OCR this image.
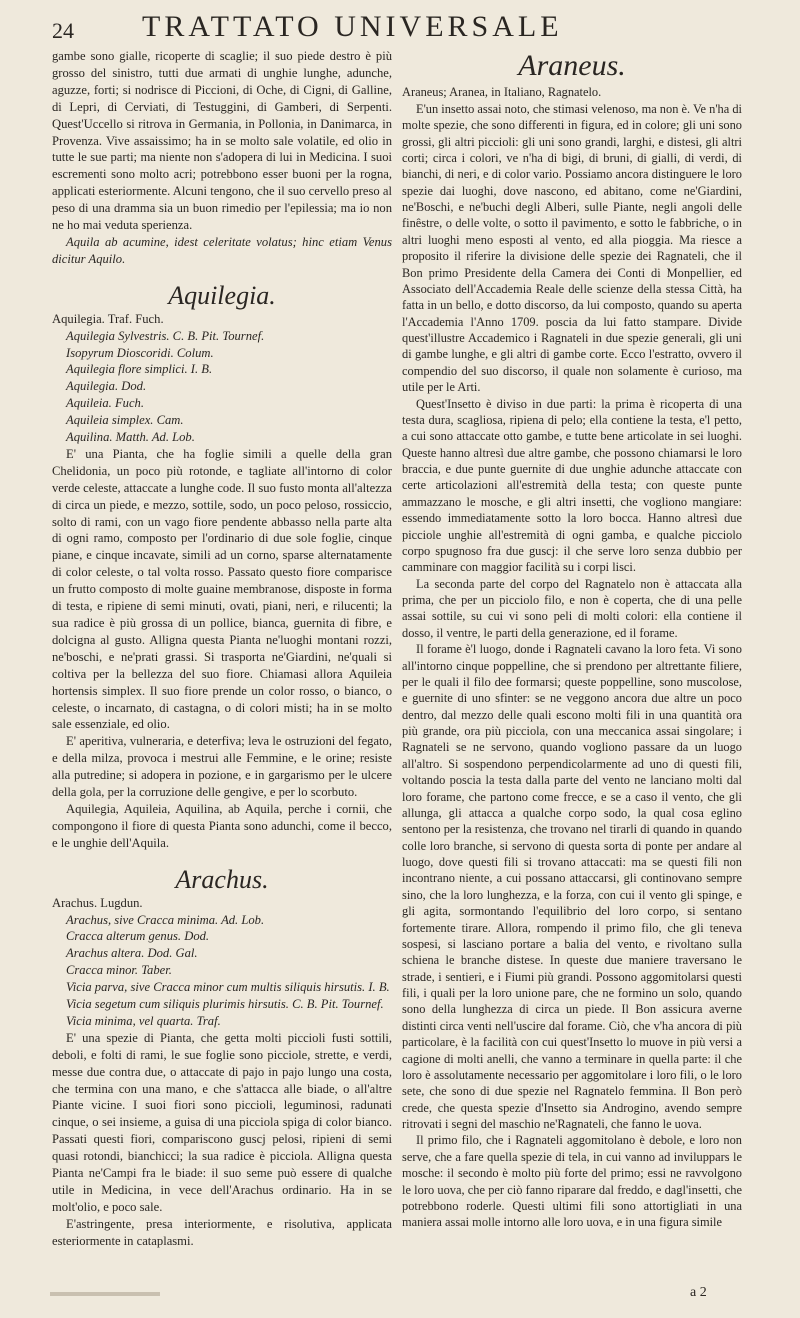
24 TRATTATO UNIVERSALE

gambe sono gialle, ricoperte di scaglie; il suo piede destro è più grosso del sinistro, tutti due armati di unghie lunghe, adunche, aguzze, forti; si nodrisce di Piccioni, di Oche, di Cigni, di Galline, di Lepri, di Cerviati, di Testuggini, di Gamberi, di Serpenti. Quest'Uccello si ritrova in Germania, in Pollonia, in Danimarca, in Provenza. Vive assaissimo; ha in se molto sale volatile, ed olio in tutte le sue parti; ma niente non s'adopera di lui in Medicina. I suoi escrementi sono molto acri; potrebbono esser buoni per la rogna, applicati esteriormente. Alcuni tengono, che il suo cervello preso al peso di una dramma sia un buon rimedio per l'epilessia; ma io non ne ho mai veduta sperienza.

Aquila ab acumine, idest celeritate volatus; hinc etiam Venus dicitur Aquilo.

Aquilegia.

Aquilegia. Traf. Fuch.

Aquilegia Sylvestris. C. B. Pit. Tournef.

Isopyrum Dioscoridi. Colum.

Aquilegia flore simplici. I. B.

Aquilegia. Dod.

Aquileia. Fuch.

Aquileia simplex. Cam.

Aquilina. Matth. Ad. Lob.

E' una Pianta, che ha foglie simili a quelle della gran Chelidonia, un poco più rotonde, e tagliate all'intorno di color verde celeste, attaccate a lunghe code. Il suo fusto monta all'altezza di circa un piede, e mezzo, sottile, sodo, un poco peloso, rossiccio, solto di rami, con un vago fiore pendente abbasso nella parte alta di ogni ramo, composto per l'ordinario di due sole foglie, cinque piane, e cinque incavate, simili ad un corno, sparse alternatamente di color celeste, o tal volta rosso. Passato questo fiore comparisce un frutto composto di molte guaine membranose, disposte in forma di testa, e ripiene di semi minuti, ovati, piani, neri, e rilucenti; la sua radice è più grossa di un pollice, bianca, guernita di fibre, e dolcigna al gusto. Alligna questa Pianta ne'luoghi montani rozzi, ne'boschi, e ne'prati grassi. Si trasporta ne'Giardini, ne'quali si coltiva per la bellezza del suo fiore. Chiamasi allora Aquileia hortensis simplex. Il suo fiore prende un color rosso, o bianco, o celeste, o incarnato, di castagna, o di colori misti; ha in se molto sale essenziale, ed olio.

E' aperitiva, vulneraria, e deterfiva; leva le ostruzioni del fegato, e della milza, provoca i mestrui alle Femmine, e le orine; resiste alla putredine; si adopera in pozione, e in gargarismo per le ulcere della gola, per la corruzione delle gengive, e per lo scorbuto.

Aquilegia, Aquileia, Aquilina, ab Aquila, perche i cornii, che compongono il fiore di questa Pianta sono adunchi, come il becco, e le unghie dell'Aquila.

Arachus.

Arachus. Lugdun.

Arachus, sive Cracca minima. Ad. Lob.

Cracca alterum genus. Dod.

Arachus altera. Dod. Gal.

Cracca minor. Taber.

Vicia parva, sive Cracca minor cum multis siliquis hirsutis. I. B.

Vicia segetum cum siliquis plurimis hirsutis. C. B. Pit. Tournef.

Vicia minima, vel quarta. Traf.

E' una spezie di Pianta, che getta molti piccioli fusti sottili, deboli, e folti di rami, le sue foglie sono picciole, strette, e verdi, messe due contra due, o attaccate di pajo in pajo lungo una costa, che termina con una mano, e che s'attacca alle biade, o all'altre Piante vicine. I suoi fiori sono piccioli, leguminosi, radunati cinque, o sei insieme, a guisa di una picciola spiga di color bianco. Passati questi fiori, compariscono guscj pelosi, ripieni di semi quasi rotondi, bianchicci; la sua radice è picciola. Alligna questa Pianta ne'Campi fra le biade: il suo seme può essere di qualche utile in Medicina, in vece dell'Arachus ordinario. Ha in se molt'olio, e poco sale.

E'astringente, presa interiormente, e risolutiva, applicata esteriormente in cataplasmi.

Araneus.

Araneus; Aranea, in Italiano, Ragnatelo.

E'un insetto assai noto, che stimasi velenoso, ma non è. Ve n'ha di molte spezie, che sono differenti in figura, ed in colore; gli uni sono grossi, gli altri piccioli: gli uni sono grandi, larghi, e distesi, gli altri corti; circa i colori, ve n'ha di bigi, di bruni, di gialli, di verdi, di bianchi, di neri, e di color vario. Possiamo ancora distinguere le loro spezie dai luoghi, dove nascono, ed abitano, come ne'Giardini, ne'Boschi, e ne'buchi degli Alberi, sulle Piante, negli angoli delle finêstre, o delle volte, o sotto il pavimento, e sotto le fabbriche, o in altri luoghi meno esposti al vento, ed alla pioggia. Ma riesce a proposito il riferire la divisione delle spezie dei Ragnateli, che il Bon primo Presidente della Camera dei Conti di Monpellier, ed Associato dell'Accademia Reale delle scienze della stessa Città, ha fatta in un bello, e dotto discorso, da lui composto, quando su aperta l'Accademia l'Anno 1709. poscia da lui fatto stampare. Divide quest'illustre Accademico i Ragnateli in due spezie generali, gli uni di gambe lunghe, e gli altri di gambe corte. Ecco l'estratto, ovvero il compendio del suo discorso, il quale non solamente è curioso, ma utile per le Arti.

Quest'Insetto è diviso in due parti: la prima è ricoperta di una testa dura, scagliosa, ripiena di pelo; ella contiene la testa, e'l petto, a cui sono attaccate otto gambe, e tutte bene articolate in sei luoghi. Queste hanno altresì due altre gambe, che possono chiamarsi le loro braccia, e due punte guernite di due unghie adunche attaccate con certe articolazioni all'estremità della testa; con queste punte ammazzano le mosche, e gli altri insetti, che vogliono mangiare: essendo immediatamente sotto la loro bocca. Hanno altresì due picciole unghie all'estremità di ogni gamba, e qualche picciolo corpo spugnoso fra due guscj: il che serve loro senza dubbio per camminare con maggior facilità su i corpi lisci.

La seconda parte del corpo del Ragnatelo non è attaccata alla prima, che per un picciolo filo, e non è coperta, che di una pelle assai sottile, su cui vi sono peli di molti colori: ella contiene il dosso, il ventre, le parti della generazione, ed il forame.

Il forame è'l luogo, donde i Ragnateli cavano la loro feta. Vi sono all'intorno cinque poppelline, che si prendono per altrettante filiere, per le quali il filo dee formarsi; queste poppelline, sono muscolose, e guernite di uno sfinter: se ne veggono ancora due altre un poco dentro, dal mezzo delle quali escono molti fili in una quantità ora più grande, ora più picciola, con una meccanica assai singolare; i Ragnateli se ne servono, quando vogliono passare da un luogo all'altro. Si sospendono perpendicolarmente ad uno di questi fili, voltando poscia la testa dalla parte del vento ne lanciano molti dal loro forame, che partono come frecce, e se a caso il vento, che gli allunga, gli attacca a qualche corpo sodo, la qual cosa eglino sentono per la resistenza, che trovano nel tirarli di quando in quando colle loro branche, si servono di questa sorta di ponte per andare al luogo, dove questi fili si trovano attaccati: ma se questi fili non incontrano niente, a cui possano attaccarsi, gli continovano sempre sino, che la loro lunghezza, e la forza, con cui il vento gli spinge, e gli agita, sormontando l'equilibrio del loro corpo, si sentano fortemente tirare. Allora, rompendo il primo filo, che gli teneva sospesi, si lasciano portare a balia del vento, e rivoltano sulla schiena le branche distese. In queste due maniere traversano le strade, i sentieri, e i Fiumi più grandi. Possono aggomitolarsi questi fili, i quali per la loro unione pare, che ne formino un solo, quando sono della lunghezza di circa un piede. Il Bon assicura averne distinti circa venti nell'uscire dal forame. Ciò, che v'ha ancora di più particolare, è la facilità con cui quest'Insetto lo muove in più versi a cagione di molti anelli, che vanno a terminare in quella parte: il che loro è assolutamente necessario per aggomitolare i loro fili, o le loro sete, che sono di due spezie nel Ragnatelo femmina. Il Bon però crede, che questa spezie d'Insetto sia Androgino, avendo sempre ritrovati i segni del maschio ne'Ragnateli, che fanno le uova.

Il primo filo, che i Ragnateli aggomitolano è debole, e loro non serve, che a fare quella spezie di tela, in cui vanno ad inviluppars le mosche: il secondo è molto più forte del primo; essi ne ravvolgono le loro uova, che per ciò fanno riparare dal freddo, e dagl'insetti, che potrebbono roderle. Questi ultimi fili sono attortigliati in una maniera assai molle intorno alle loro uova, e in una figura simile

a 2
